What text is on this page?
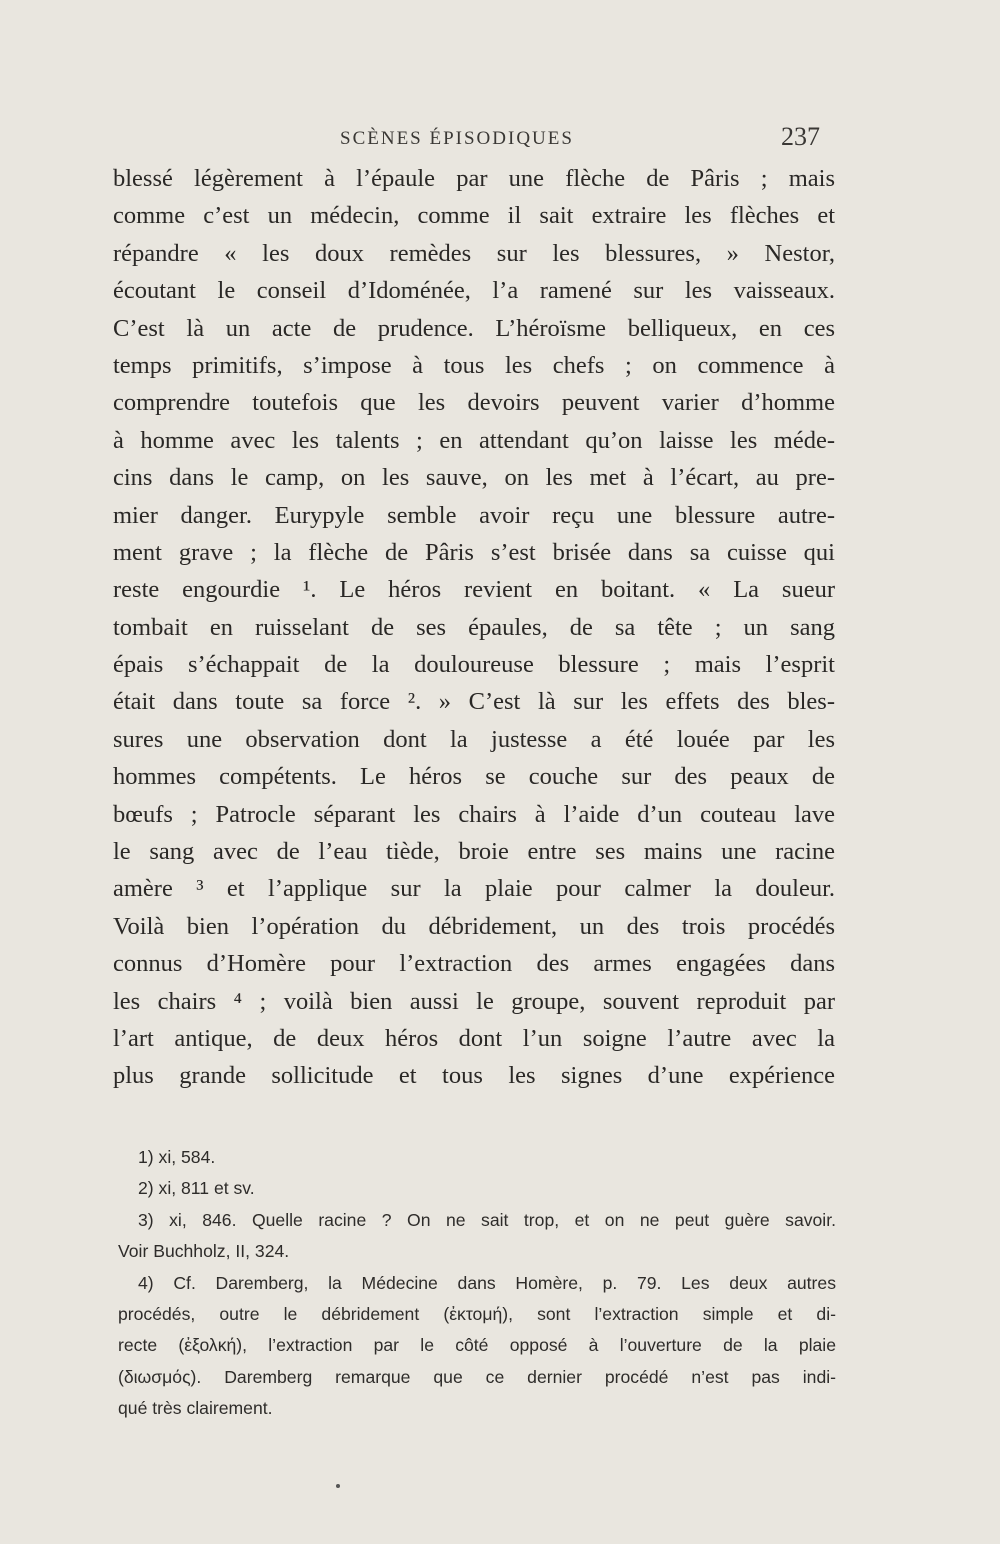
SCÈNES ÉPISODIQUES	237
blessé légèrement à l’épaule par une flèche de Pâris ; mais
comme c’est un médecin, comme il sait extraire les flèches et
répandre « les doux remèdes sur les blessures, » Nestor,
écoutant le conseil d’Idoménée, l’a ramené sur les vaisseaux.
C’est là un acte de prudence. L’héroïsme belliqueux, en ces
temps primitifs, s’impose à tous les chefs ; on commence à
comprendre toutefois que les devoirs peuvent varier d’homme
à homme avec les talents ; en attendant qu’on laisse les méde-
cins dans le camp, on les sauve, on les met à l’écart, au pre-
mier danger. Eurypyle semble avoir reçu une blessure autre-
ment grave ; la flèche de Pâris s’est brisée dans sa cuisse qui
reste engourdie ¹. Le héros revient en boitant. « La sueur
tombait en ruisselant de ses épaules, de sa tête ; un sang
épais s’échappait de la douloureuse blessure ; mais l’esprit
était dans toute sa force ². » C’est là sur les effets des bles-
sures une observation dont la justesse a été louée par les
hommes compétents. Le héros se couche sur des peaux de
bœufs ; Patrocle séparant les chairs à l’aide d’un couteau lave
le sang avec de l’eau tiède, broie entre ses mains une racine
amère ³ et l’applique sur la plaie pour calmer la douleur.
Voilà bien l’opération du débridement, un des trois procédés
connus d’Homère pour l’extraction des armes engagées dans
les chairs ⁴ ; voilà bien aussi le groupe, souvent reproduit par
l’art antique, de deux héros dont l’un soigne l’autre avec la
plus grande sollicitude et tous les signes d’une expérience
1) xi, 584.
2) xi, 811 et sv.
3) xi, 846. Quelle racine ? On ne sait trop, et on ne peut guère savoir.
Voir Buchholz, II, 324.
4) Cf. Daremberg, la Médecine dans Homère, p. 79. Les deux autres
procédés, outre le débridement (ἐκτομή), sont l’extraction simple et di-
recte (ἐξολκή), l’extraction par le côté opposé à l’ouverture de la plaie
(διωσμός). Daremberg remarque que ce dernier procédé n’est pas indi-
qué très clairement.
